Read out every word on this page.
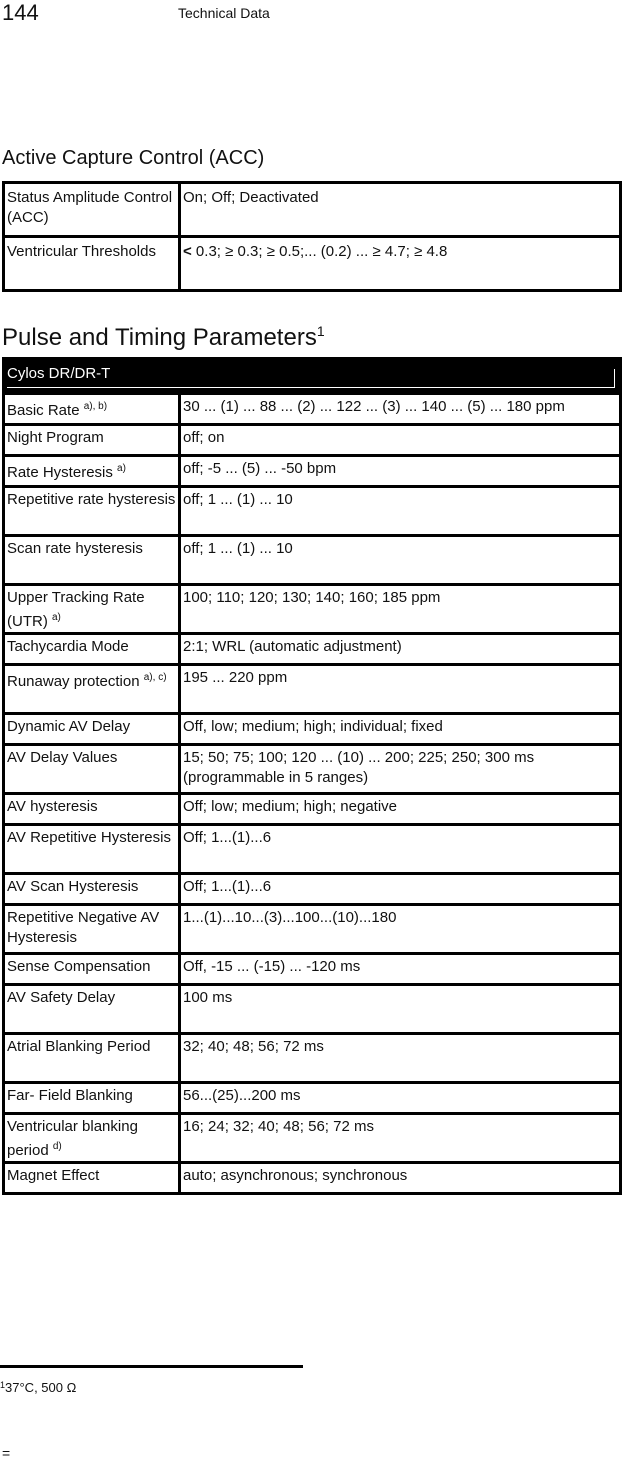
144	Technical Data
Active Capture Control (ACC)
Status Amplitude Control (ACC)	On; Off; Deactivated
Ventricular Thresholds	< 0.3; ≥ 0.3; ≥ 0.5;... (0.2) ... ≥ 4.7; ≥ 4.8
Pulse and Timing Parameters$^1$
Cylos DR/DR-T	

Basic Rate $^{a), b)}$	30 ... (1) ... 88 ... (2) ... 122 ... (3) ... 140 ... (5) ... 180 ppm
Night Program	off; on
Rate Hysteresis $^{a)}$	off; -5 ... (5) ... -50 bpm
Repetitive rate hysteresis	off; 1 ... (1) ... 10
Scan rate hysteresis	off; 1 ... (1) ... 10
Upper Tracking Rate (UTR) $^{a)}$	100; 110; 120; 130; 140; 160; 185 ppm
Tachycardia Mode	2:1; WRL (automatic adjustment)
Runaway protection $^{a), c)}$	195 ... 220 ppm
Dynamic AV Delay	Off, low; medium; high; individual; fixed
AV Delay Values	15; 50; 75; 100; 120 ... (10) ... 200; 225; 250; 300 ms (programmable in 5 ranges)
AV hysteresis	Off; low; medium; high; negative
AV Repetitive Hysteresis	Off; 1...(1)...6
AV Scan Hysteresis	Off; 1...(1)...6
Repetitive Negative AV Hysteresis	1...(1)...10...(3)...100...(10)...180
Sense Compensation	Off, -15 ... (-15) ... -120 ms
AV Safety Delay	100 ms
Atrial Blanking Period	32; 40; 48; 56; 72 ms
Far- Field Blanking	56...(25)...200 ms
Ventricular blanking period $^{d)}$	16; 24; 32; 40; 48; 56; 72 ms
Magnet Effect	auto; asynchronous; synchronous
$^1$37°C, 500 Ω
=
